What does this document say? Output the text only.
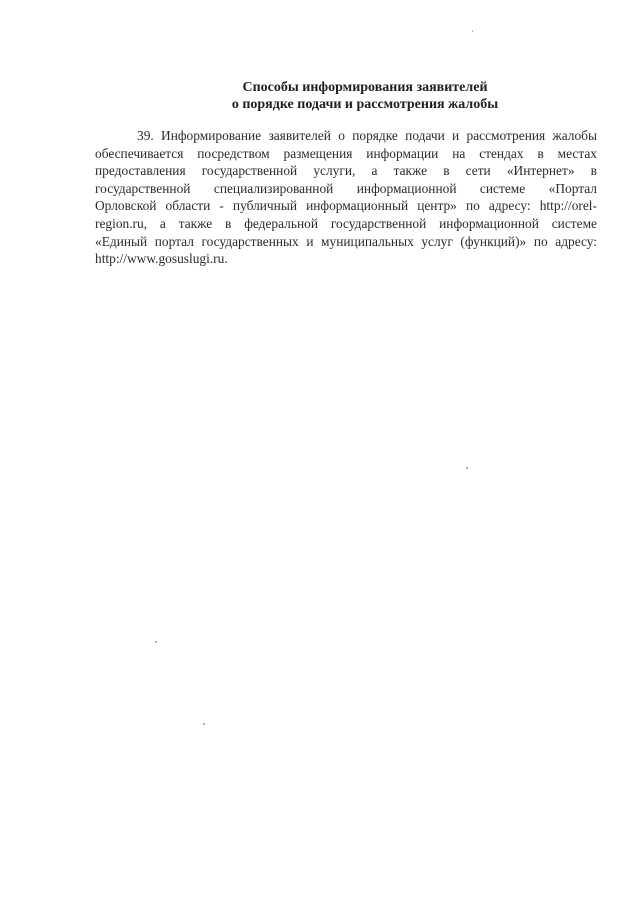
Способы информирования заявителей
о порядке подачи и рассмотрения жалобы
39. Информирование заявителей о порядке подачи и рассмотрения жалобы
обеспечивается посредством размещения информации на стендах в местах
предоставления государственной услуги, а также в сети «Интернет» в
государственной специализированной информационной системе «Портал
Орловской области - публичный информационный центр» по адресу: http://orel-
region.ru, а также в федеральной государственной информационной системе
«Единый портал государственных и муниципальных услуг (функций)» по адресу:
http://www.gosuslugi.ru.
